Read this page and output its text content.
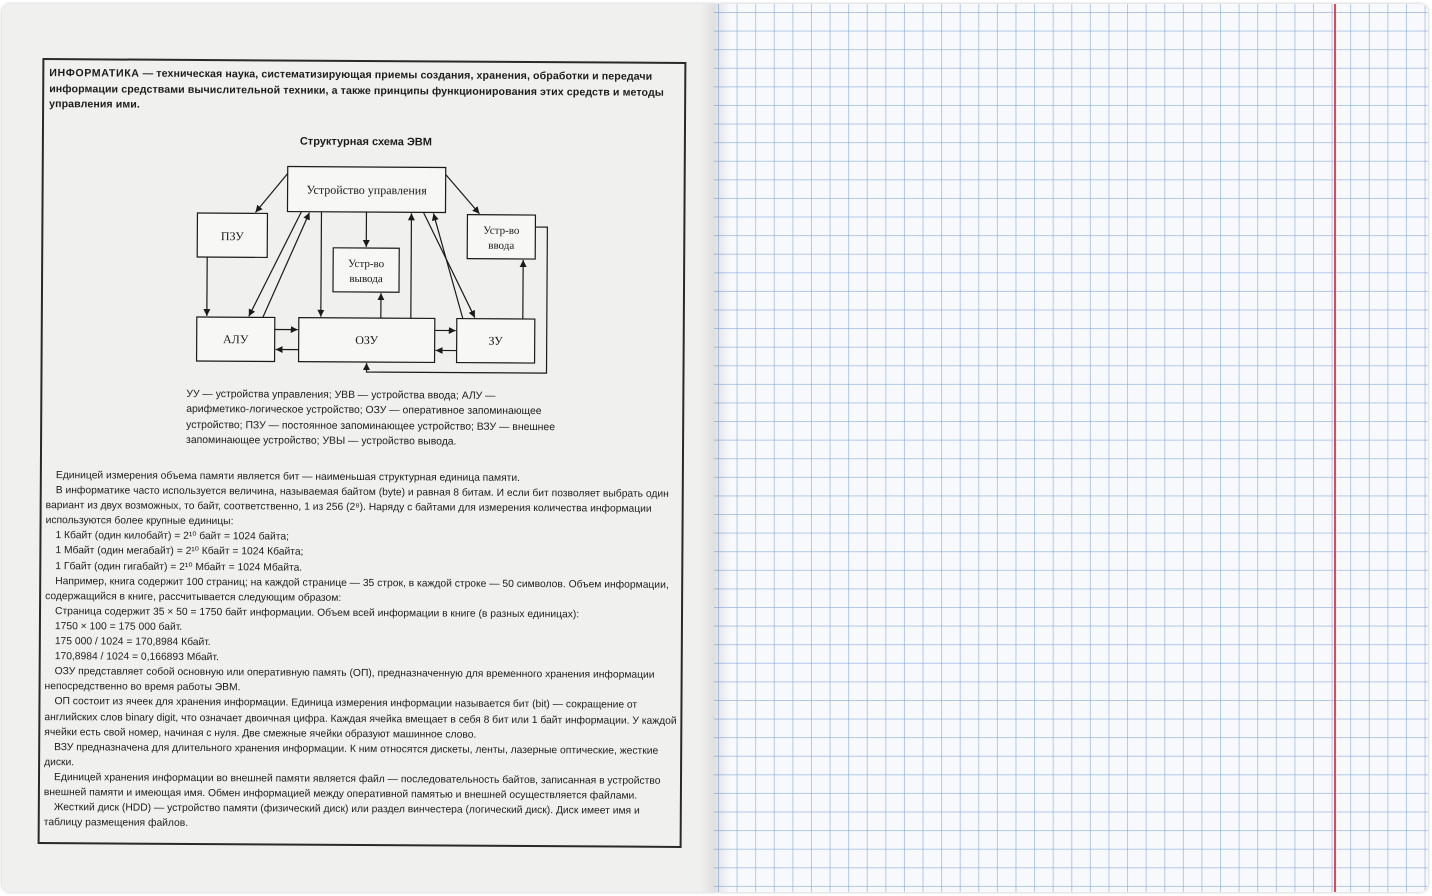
ИНФОРМАТИКА — техническая наука, систематизирующая приемы создания, хранения, обработки и передачи информации средствами вычислительной техники, а также принципы функционирования этих средств и методы управления ими.
Структурная схема ЭВМ
Устройство управления
ПЗУ
Устр-во
вывода
Устр-во
ввода
АЛУ	ОЗУ	ЗУ
УУ — устройства управления; УВВ — устройства ввода; АЛУ — арифметико-логическое устройство; ОЗУ — оперативное запоминающее устройство; ПЗУ — постоянное запоминающее устройство; ВЗУ — внешнее запоминающее устройство; УВЫ — устройство вывода.

Единицей измерения объема памяти является бит — наименьшая структурная единица памяти.

В информатике часто используется величина, называемая байтом (byte) и равная 8 битам. И если бит позволяет выбрать один вариант из двух возможных, то байт, соответственно, 1 из 256 (2⁸). Наряду с байтами для измерения количества информации используются более крупные единицы:

1 Кбайт (один килобайт) = 2¹⁰ байт = 1024 байта;

1 Мбайт (один мегабайт) = 2¹⁰ Кбайт = 1024 Кбайта;

1 Гбайт (один гигабайт) = 2¹⁰ Мбайт = 1024 Мбайта.

Например, книга содержит 100 страниц; на каждой странице — 35 строк, в каждой строке — 50 символов. Объем информации, содержащийся в книге, рассчитывается следующим образом:

Страница содержит 35 × 50 = 1750 байт информации. Объем всей информации в книге (в разных единицах):

1750 × 100 = 175 000 байт.

175 000 / 1024 = 170,8984 Кбайт.

170,8984 / 1024 = 0,166893 Мбайт.

ОЗУ представляет собой основную или оперативную память (ОП), предназначенную для временного хранения информации непосредственно во время работы ЭВМ.

ОП состоит из ячеек для хранения информации. Единица измерения информации называется бит (bit) — сокращение от английских слов binary digit, что означает двоичная цифра. Каждая ячейка вмещает в себя 8 бит или 1 байт информации. У каждой ячейки есть свой номер, начиная с нуля. Две смежные ячейки образуют машинное слово.

ВЗУ предназначена для длительного хранения информации. К ним относятся дискеты, ленты, лазерные оптические, жесткие диски.

Единицей хранения информации во внешней памяти является файл — последовательность байтов, записанная в устройство внешней памяти и имеющая имя. Обмен информацией между оперативной памятью и внешней осуществляется файлами.

Жесткий диск (HDD) — устройство памяти (физический диск) или раздел винчестера (логический диск). Диск имеет имя и таблицу размещения файлов.
